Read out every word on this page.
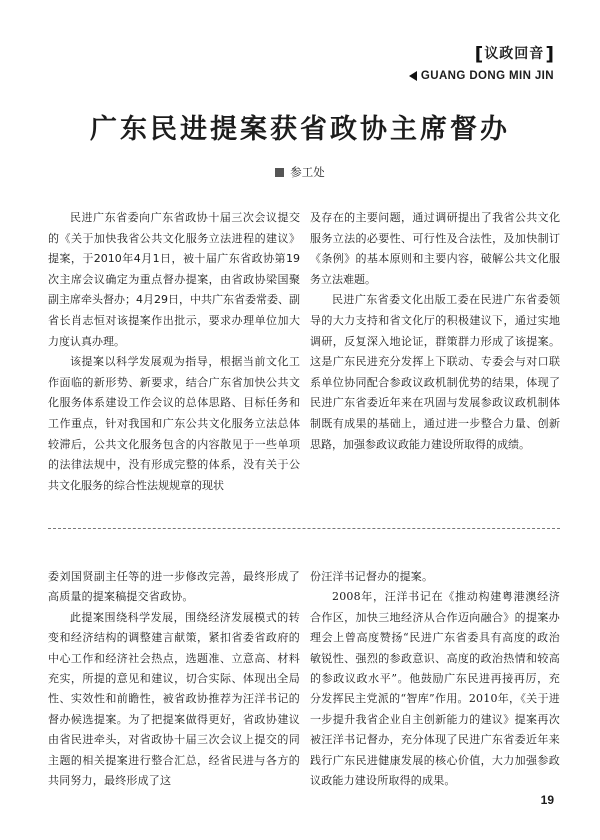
[ 议政回音 ]
GUANG DONG MIN JIN
广东民进提案获省政协主席督办
参工处

民进广东省委向广东省政协十届三次会议提交的《关于加快我省公共文化服务立法进程的建议》提案，于2010年4月1日，被十届广东省政协第19次主席会议确定为重点督办提案，由省政协梁国聚副主席牵头督办；4月29日，中共广东省委常委、副省长肖志恒对该提案作出批示，要求办理单位加大力度认真办理。

该提案以科学发展观为指导，根据当前文化工作面临的新形势、新要求，结合广东省加快公共文化服务体系建设工作会议的总体思路、目标任务和工作重点，针对我国和广东公共文化服务立法总体较滞后，公共文化服务包含的内容散见于一些单项的法律法规中，没有形成完整的体系，没有关于公共文化服务的综合性法规规章的现状

及存在的主要问题，通过调研提出了我省公共文化服务立法的必要性、可行性及合法性，及加快制订《条例》的基本原则和主要内容，破解公共文化服务立法难题。

民进广东省委文化出版工委在民进广东省委领导的大力支持和省文化厅的积极建议下，通过实地调研，反复深入地论证，群策群力形成了该提案。这是广东民进充分发挥上下联动、专委会与对口联系单位协同配合参政议政机制优势的结果，体现了民进广东省委近年来在巩固与发展参政议政机制体制既有成果的基础上，通过进一步整合力量、创新思路，加强参政议政能力建设所取得的成绩。

委刘国贤副主任等的进一步修改完善，最终形成了高质量的提案稿提交省政协。

此提案围绕科学发展，围绕经济发展模式的转变和经济结构的调整建言献策，紧扣省委省政府的中心工作和经济社会热点，选题准、立意高、材料充实，所提的意见和建议，切合实际、体现出全局性、实效性和前瞻性，被省政协推荐为汪洋书记的督办候选提案。为了把提案做得更好，省政协建议由省民进牵头，对省政协十届三次会议上提交的同主题的相关提案进行整合汇总，经省民进与各方的共同努力，最终形成了这

份汪洋书记督办的提案。

2008年，汪洋书记在《推动构建粤港澳经济合作区，加快三地经济从合作迈向融合》的提案办理会上曾高度赞扬“民进广东省委具有高度的政治敏锐性、强烈的参政意识、高度的政治热情和较高的参政议政水平”。他鼓励广东民进再接再厉，充分发挥民主党派的“智库”作用。2010年，《关于进一步提升我省企业自主创新能力的建议》提案再次被汪洋书记督办，充分体现了民进广东省委近年来践行广东民进健康发展的核心价值，大力加强参政议政能力建设所取得的成果。

19
